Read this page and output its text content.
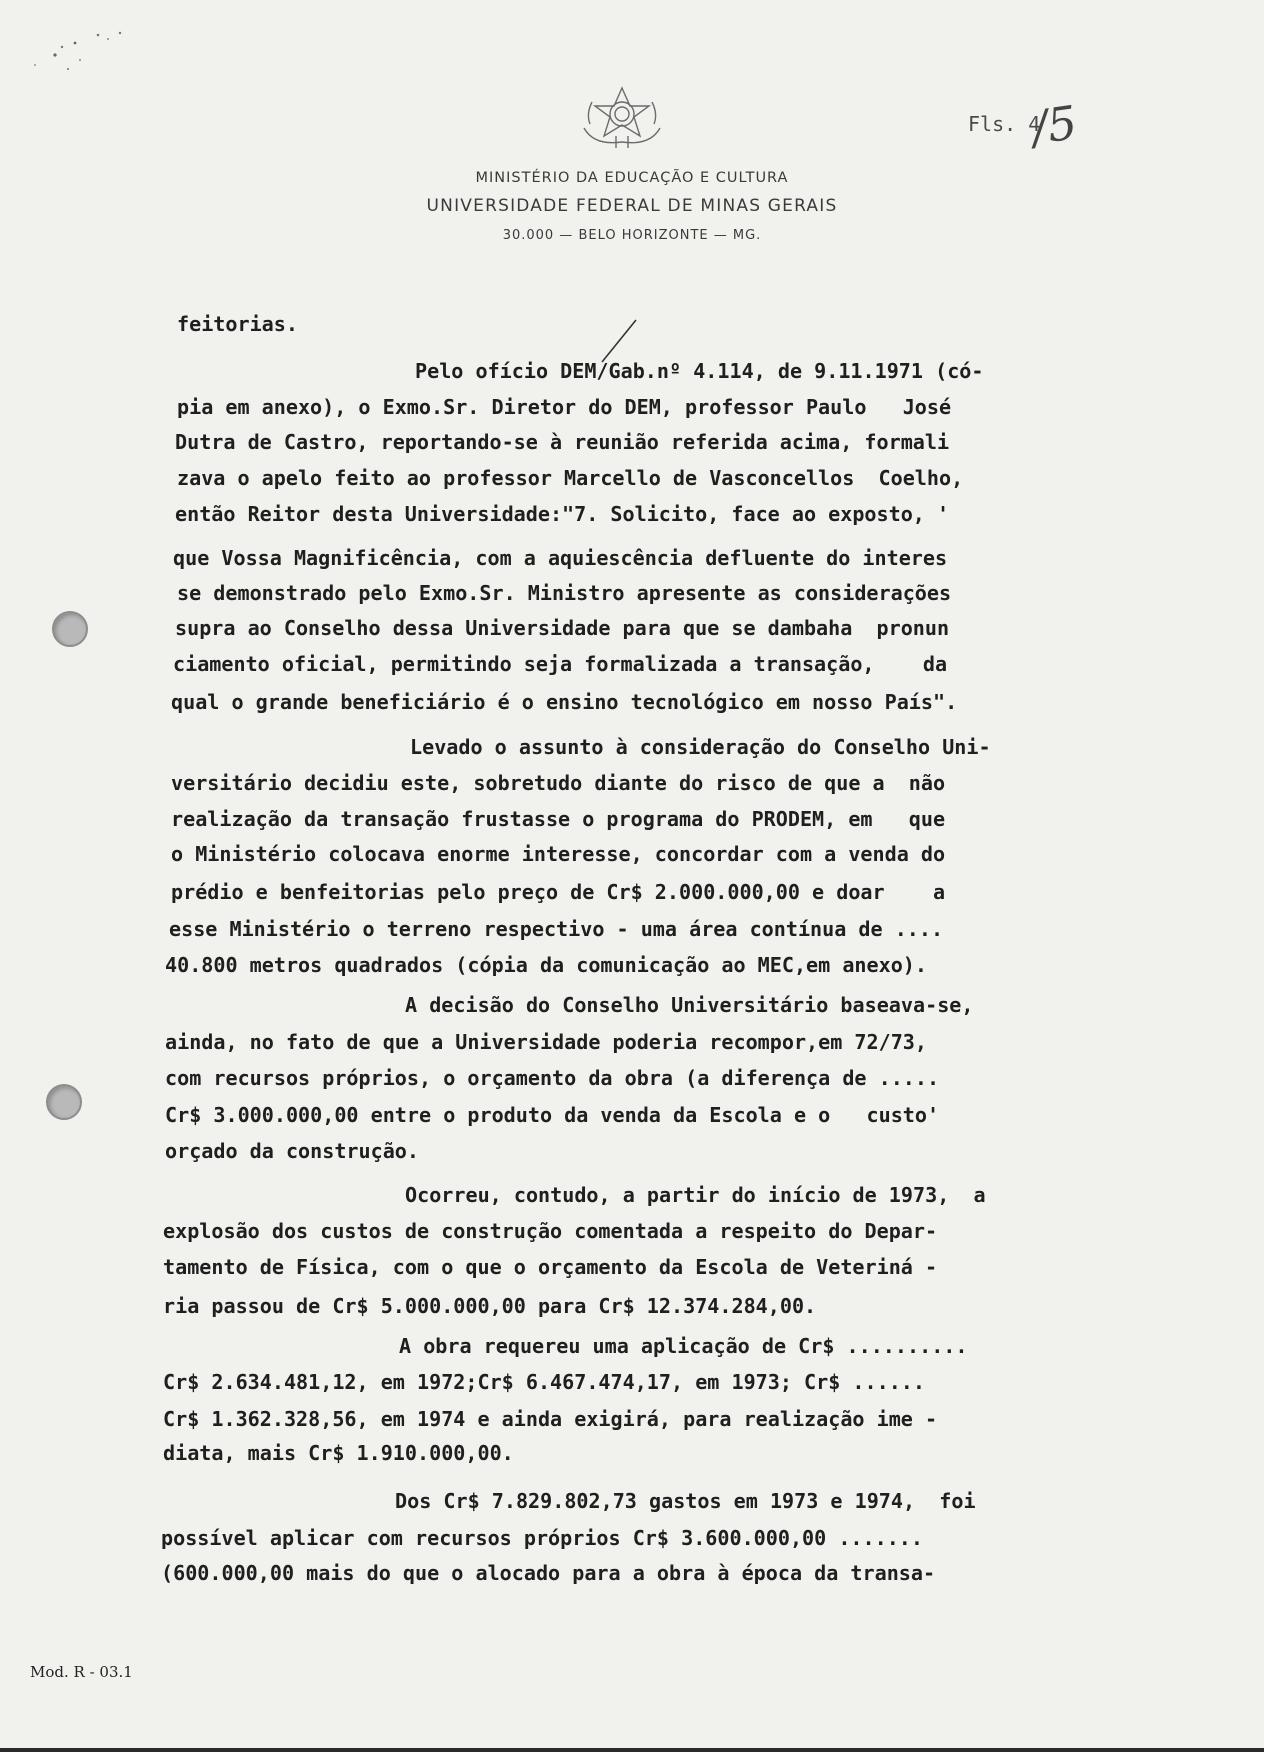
Fls. 4
/5
MINISTÉRIO DA EDUCAÇÃO E CULTURA
UNIVERSIDADE FEDERAL DE MINAS GERAIS
30.000 — BELO HORIZONTE — MG.
feitorias.
Pelo ofício DEM/Gab.nº 4.114, de 9.11.1971 (có-
pia em anexo), o Exmo.Sr. Diretor do DEM, professor Paulo   José
Dutra de Castro, reportando-se à reunião referida acima, formali
zava o apelo feito ao professor Marcello de Vasconcellos  Coelho,
então Reitor desta Universidade:"7. Solicito, face ao exposto, '
que Vossa Magnificência, com a aquiescência defluente do interes
se demonstrado pelo Exmo.Sr. Ministro apresente as considerações
supra ao Conselho dessa Universidade para que se dambaha  pronun
ciamento oficial, permitindo seja formalizada a transação,    da
qual o grande beneficiário é o ensino tecnológico em nosso País".
Levado o assunto à consideração do Conselho Uni-
versitário decidiu este, sobretudo diante do risco de que a  não
realização da transação frustasse o programa do PRODEM, em   que
o Ministério colocava enorme interesse, concordar com a venda do
prédio e benfeitorias pelo preço de Cr$ 2.000.000,00 e doar    a
esse Ministério o terreno respectivo - uma área contínua de ....
40.800 metros quadrados (cópia da comunicação ao MEC,em anexo).
A decisão do Conselho Universitário baseava-se,
ainda, no fato de que a Universidade poderia recompor,em 72/73,
com recursos próprios, o orçamento da obra (a diferença de .....
Cr$ 3.000.000,00 entre o produto da venda da Escola e o   custo'
orçado da construção.
Ocorreu, contudo, a partir do início de 1973,  a
explosão dos custos de construção comentada a respeito do Depar-
tamento de Física, com o que o orçamento da Escola de Veteriná -
ria passou de Cr$ 5.000.000,00 para Cr$ 12.374.284,00.
A obra requereu uma aplicação de Cr$ ..........
Cr$ 2.634.481,12, em 1972;Cr$ 6.467.474,17, em 1973; Cr$ ......
Cr$ 1.362.328,56, em 1974 e ainda exigirá, para realização ime -
diata, mais Cr$ 1.910.000,00.
Dos Cr$ 7.829.802,73 gastos em 1973 e 1974,  foi
possível aplicar com recursos próprios Cr$ 3.600.000,00 .......
(600.000,00 mais do que o alocado para a obra à época da transa-
Mod. R - 03.1
